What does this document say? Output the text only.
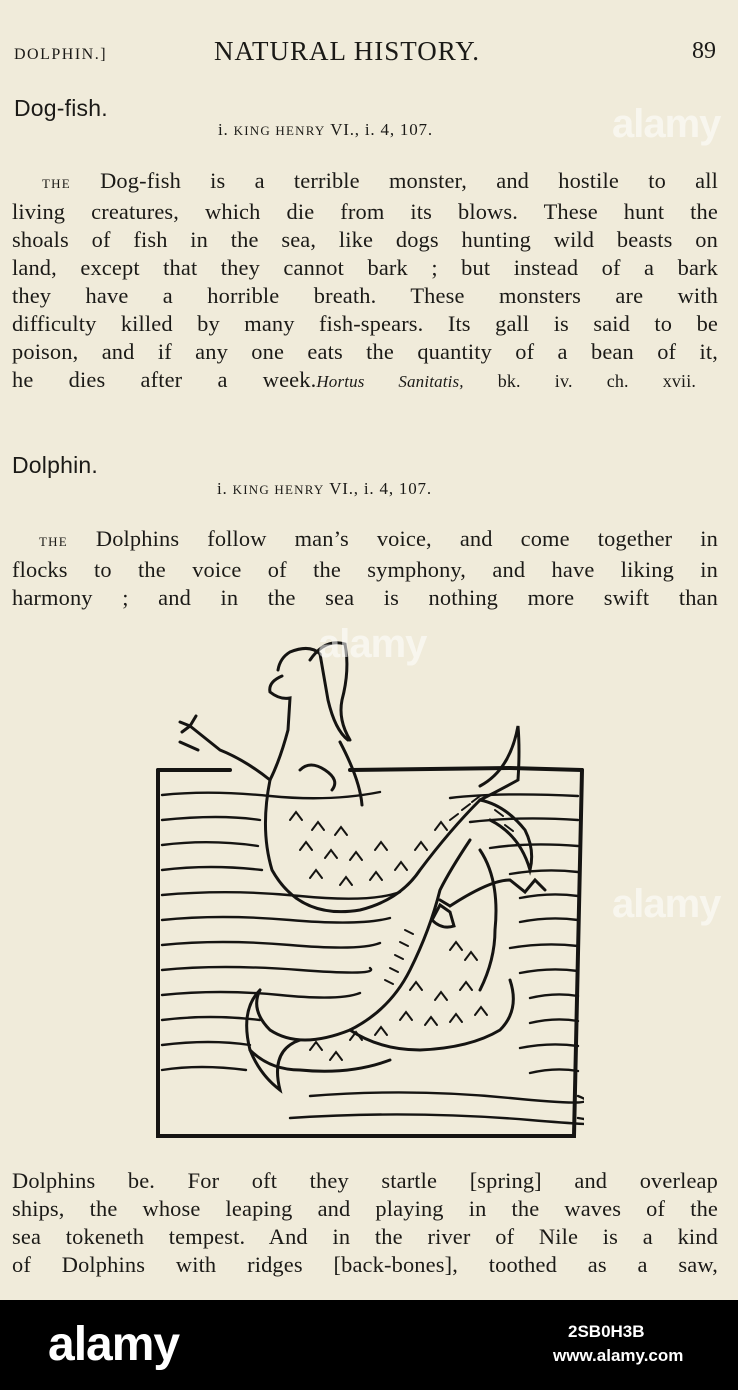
DOLPHIN.]	NATURAL HISTORY.	89
Dog-fish.
i. KING HENRY VI., i. 4, 107.
THE Dog-fish is a terrible monster, and hostile to all
living creatures, which die from its blows. These hunt the
shoals of fish in the sea, like dogs hunting wild beasts on
land, except that they cannot bark ; but instead of a bark
they have a horrible breath. These monsters are with
difficulty killed by many fish-spears. Its gall is said to be
poison, and if any one eats the quantity of a bean of it,
he dies after a week.Hortus Sanitatis, bk. iv. ch. xvii.
Dolphin.
i. KING HENRY VI., i. 4, 107.
THE Dolphins follow man’s voice, and come together in
flocks to the voice of the symphony, and have liking in
harmony ; and in the sea is nothing more swift than
Dolphins be. For oft they startle [spring] and overleap
ships, the whose leaping and playing in the waves of the
sea tokeneth tempest. And in the river of Nile is a kind
of Dolphins with ridges [back-bones], toothed as a saw,
alamy
alamy
alamy
alamy	2SB0H3B
www.alamy.com
